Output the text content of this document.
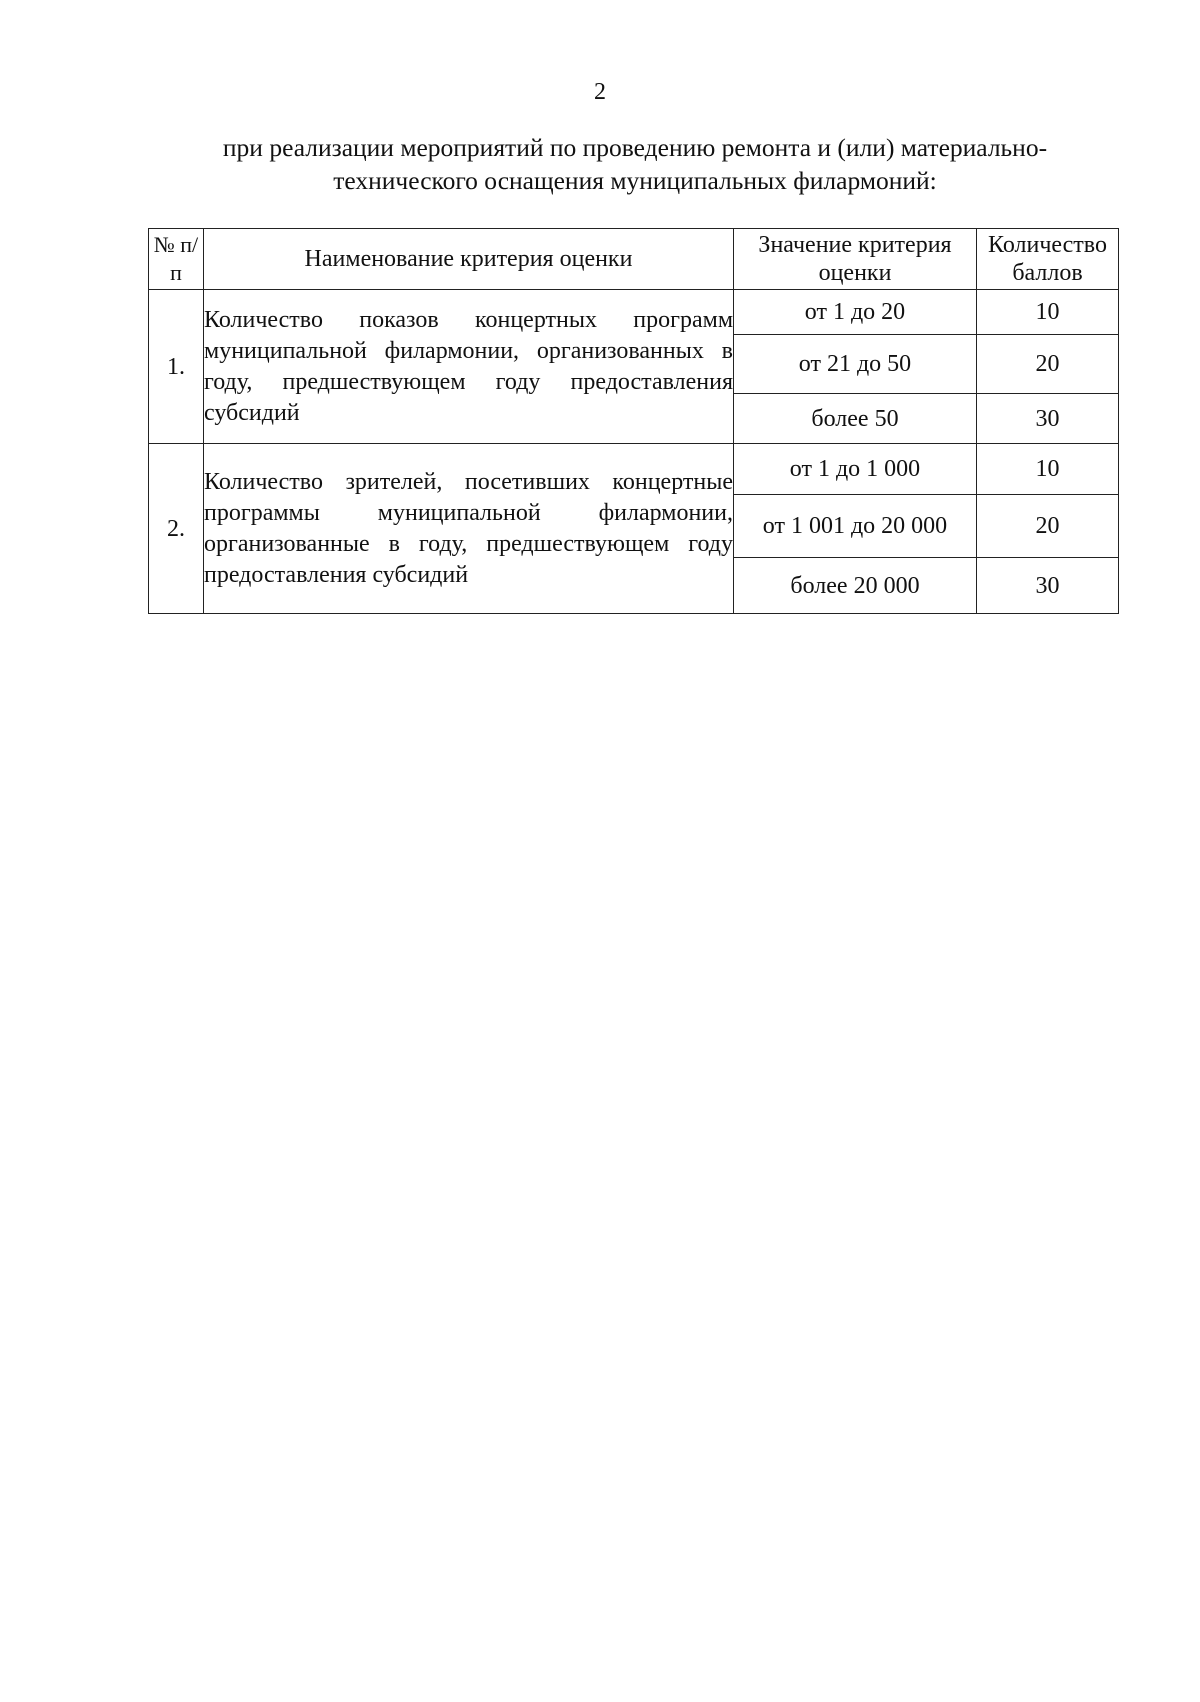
2
при реализации мероприятий по проведению ремонта и (или) материально-
технического оснащения муниципальных филармоний:
№ п/п	Наименование критерия оценки	Значение критерия оценки	Количество баллов
1.	Количество показов концертных программ муниципальной филармонии, организованных в году, предшествующем году предоставления субсидий	от 1 до 20	10
		от 21 до 50	20
		более 50	30
2.	Количество зрителей, посетивших концертные программы муниципальной филармонии, организованные в году, предшествующем году предоставления субсидий	от 1 до 1 000	10
		от 1 001 до 20 000	20
		более 20 000	30
